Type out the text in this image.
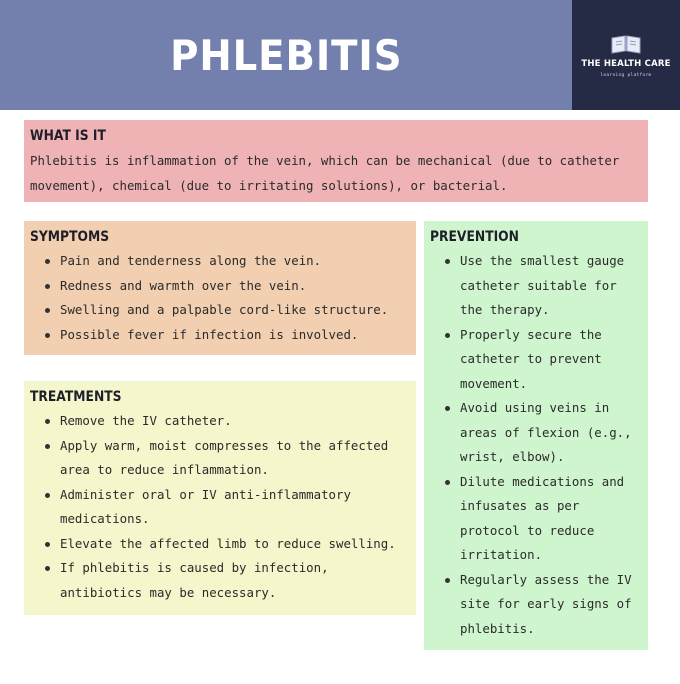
PHLEBITIS	THE HEALTH CARE
learning platform
WHAT IS IT

Phlebitis is inflammation of the vein, which can be mechanical (due to catheter movement), chemical (due to irritating solutions), or bacterial.

SYMPTOMS
Pain and tenderness along the vein.
Redness and warmth over the vein.
Swelling and a palpable cord-like structure.
Possible fever if infection is involved.
TREATMENTS
Remove the IV catheter.
Apply warm, moist compresses to the affected area to reduce inflammation.
Administer oral or IV anti-inflammatory medications.
Elevate the affected limb to reduce swelling.
If phlebitis is caused by infection, antibiotics may be necessary.
PREVENTION
Use the smallest gauge catheter suitable for the therapy.
Properly secure the catheter to prevent movement.
Avoid using veins in areas of flexion (e.g., wrist, elbow).
Dilute medications and infusates as per protocol to reduce irritation.
Regularly assess the IV site for early signs of phlebitis.
